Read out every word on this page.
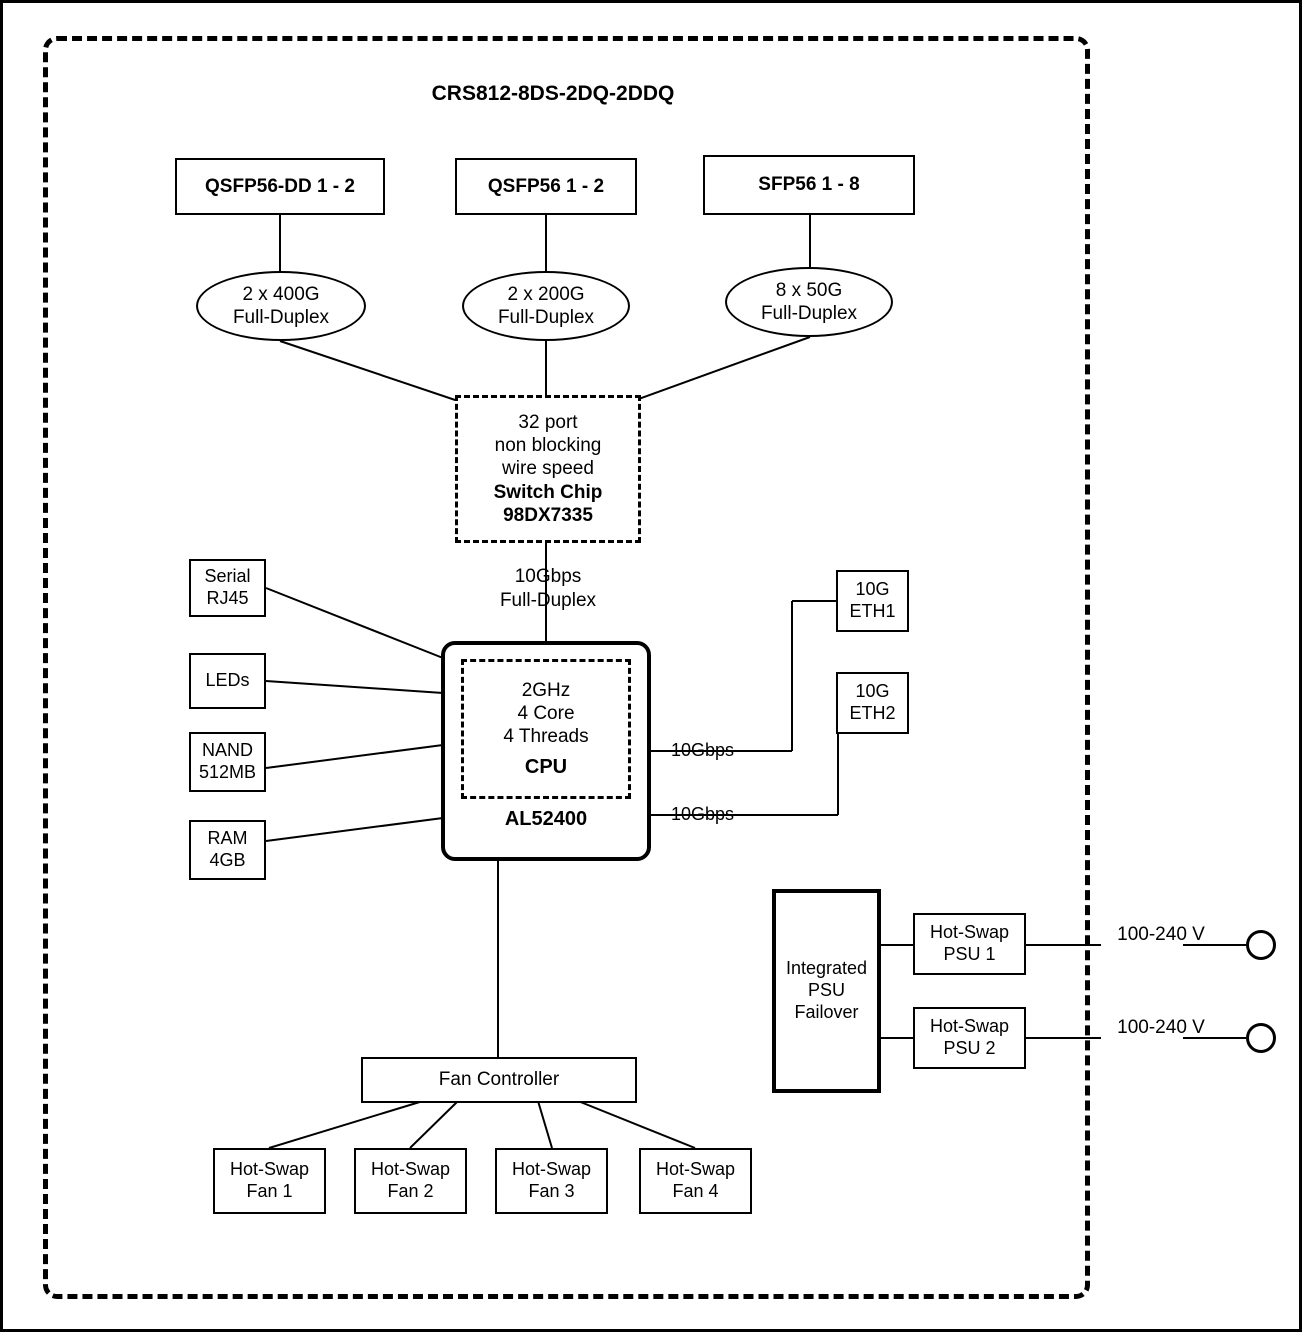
CRS812-8DS-2DQ-2DDQ
QSFP56-DD 1 - 2	QSFP56 1 - 2	SFP56 1 - 8
2 x 400G
Full-Duplex
2 x 200G
Full-Duplex
8 x 50G
Full-Duplex
32 port
non blocking
wire speed
Switch Chip
98DX7335
10Gbps
Full-Duplex
2GHz
4 Core
4 Threads
CPU
AL52400
Serial
RJ45
LEDs
NAND
512MB
RAM
4GB
10G
ETH1
10G
ETH2
10Gbps
10Gbps
Integrated
PSU
Failover
Hot-Swap
PSU 1
Hot-Swap
PSU 2
100-240 V
100-240 V
Fan Controller
Hot-Swap
Fan 1
Hot-Swap
Fan 2
Hot-Swap
Fan 3
Hot-Swap
Fan 4
